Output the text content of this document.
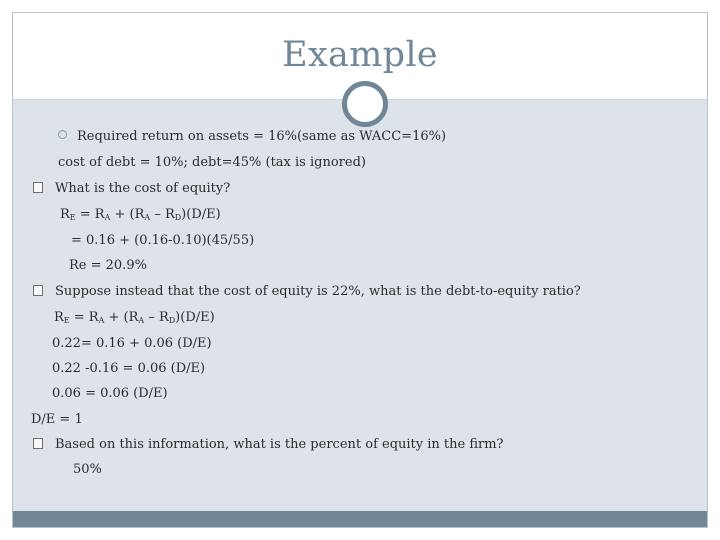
Example
Required return on assets = 16%(same as WACC=16%)
cost of debt = 10%; debt=45% (tax is ignored)
What is the cost of equity?
$R_E = R_A + (R_A - R_D)(D/E)$
= 0.16 + (0.16-0.10)(45/55)
Re = 20.9%
Suppose instead that the cost of equity is 22%, what is the debt-to-equity ratio?
$R_E = R_A + (R_A - R_D)(D/E)$
0.22= 0.16 + 0.06 (D/E)
0.22 -0.16 = 0.06 (D/E)
0.06 = 0.06 (D/E)
D/E = 1
Based on this information, what is the percent of equity in the firm?
50%
